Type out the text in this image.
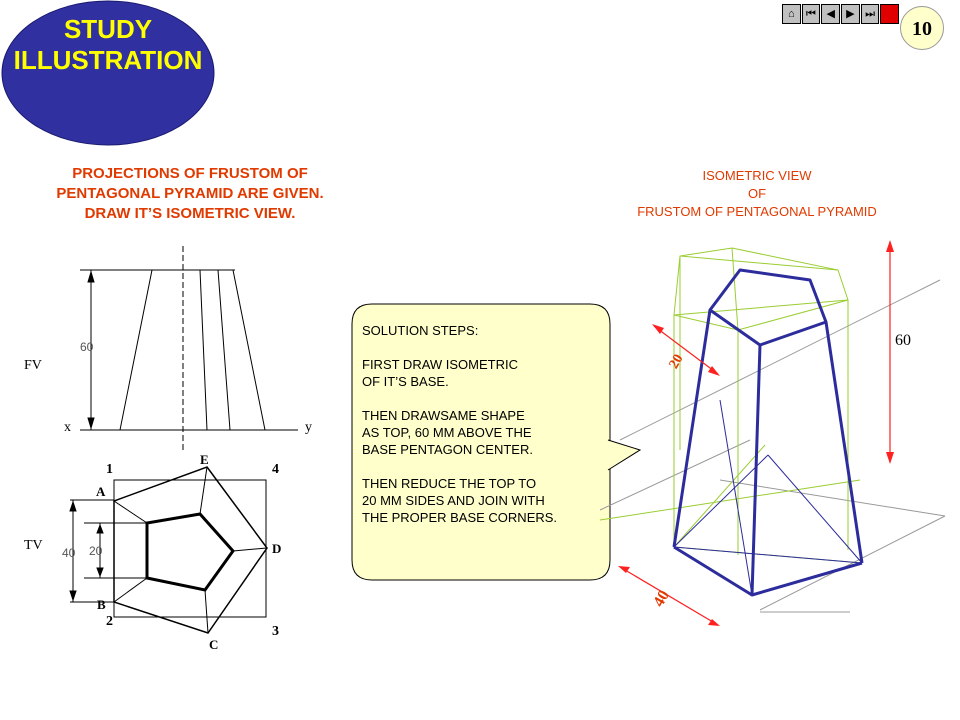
STUDY
ILLUSTRATION
⌂ ⏮ ◀ ▶ ⏭
10
PROJECTIONS OF FRUSTOM OF
PENTAGONAL PYRAMID ARE GIVEN.
DRAW IT’S ISOMETRIC VIEW.
ISOMETRIC VIEW
OF
FRUSTOM OF PENTAGONAL PYRAMID
FV
x	y
60
TV 40 20
E
A
D
B
C
1
2
3
4
SOLUTION STEPS:
FIRST DRAW ISOMETRIC
OF IT’S BASE.
THEN DRAWSAME SHAPE
AS TOP, 60 MM ABOVE THE
BASE PENTAGON CENTER.
THEN REDUCE THE TOP TO
20 MM SIDES AND JOIN WITH
THE PROPER BASE CORNERS.
60
20
40
